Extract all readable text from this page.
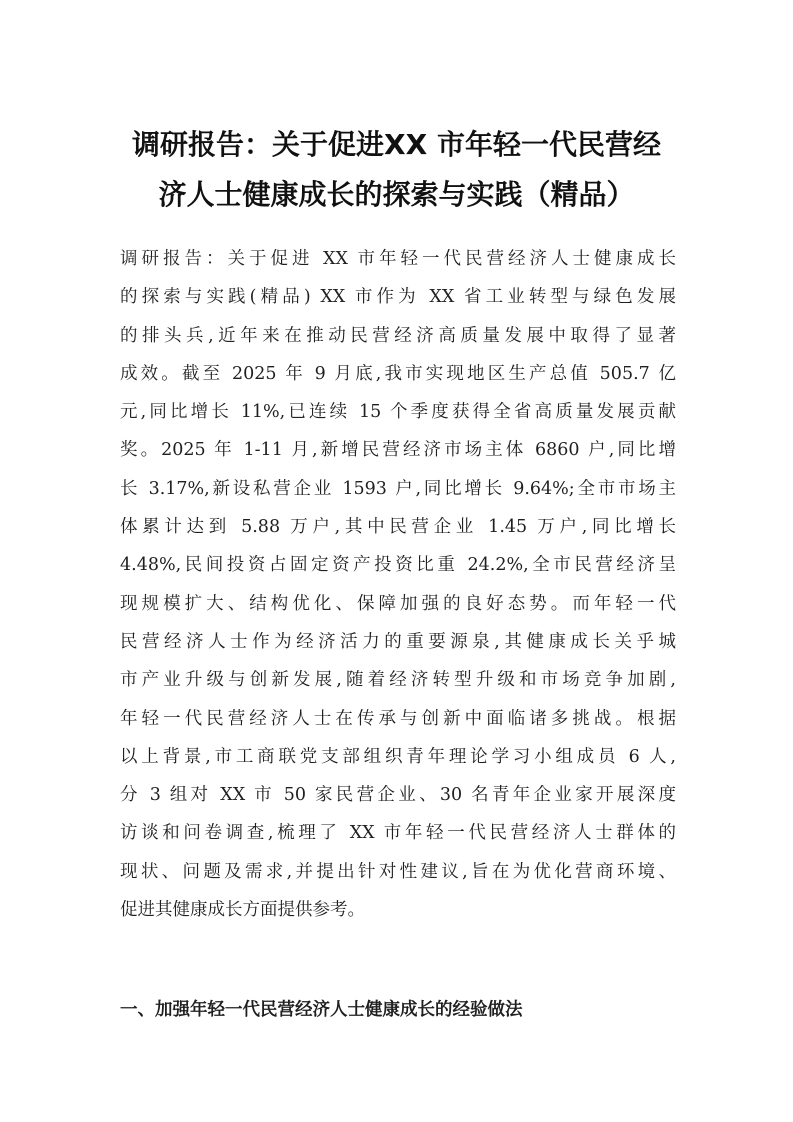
调研报告：关于促进XX 市年轻一代民营经
济人士健康成长的探索与实践（精品）
调研报告：关于促进 XX 市年轻一代民营经济人士健康成长
的探索与实践(精品) XX 市作为 XX 省工业转型与绿色发展
的排头兵,近年来在推动民营经济高质量发展中取得了显著
成效。截至 2025 年 9 月底,我市实现地区生产总值 505.7 亿
元,同比增长 11%,已连续 15 个季度获得全省高质量发展贡献
奖。2025 年 1-11 月,新增民营经济市场主体 6860 户,同比增
长 3.17%,新设私营企业 1593 户,同比增长 9.64%;全市市场主
体累计达到 5.88 万户,其中民营企业 1.45 万户,同比增长
4.48%,民间投资占固定资产投资比重 24.2%,全市民营经济呈
现规模扩大、结构优化、保障加强的良好态势。而年轻一代
民营经济人士作为经济活力的重要源泉,其健康成长关乎城
市产业升级与创新发展,随着经济转型升级和市场竞争加剧,
年轻一代民营经济人士在传承与创新中面临诸多挑战。根据
以上背景,市工商联党支部组织青年理论学习小组成员 6 人,
分 3 组对 XX 市 50 家民营企业、30 名青年企业家开展深度
访谈和问卷调查,梳理了 XX 市年轻一代民营经济人士群体的
现状、问题及需求,并提出针对性建议,旨在为优化营商环境、
促进其健康成长方面提供参考。
一、加强年轻一代民营经济人士健康成长的经验做法
